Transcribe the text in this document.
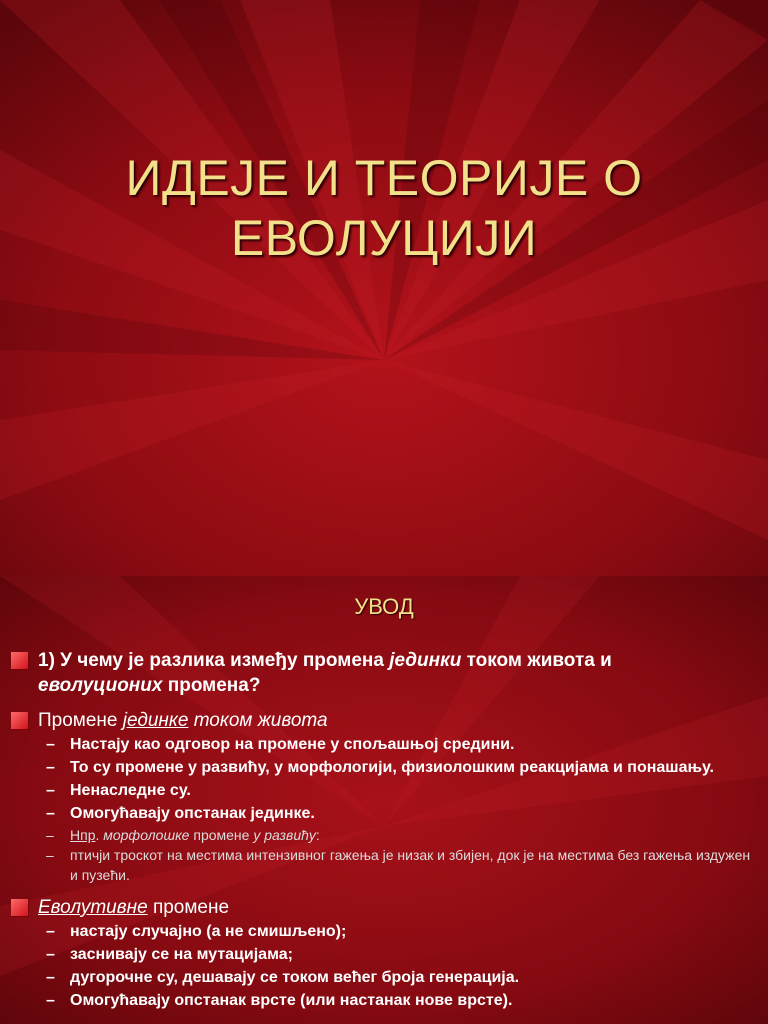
ИДЕЈЕ И ТЕОРИЈЕ О
ЕВОЛУЦИЈИ
УВОД
1) У чему је разлика између промена јединки током живота и
еволуционих промена?
Промене јединке током живота
– Настају као одговор на промене у спољашњој средини.
– То су промене у развићу, у морфологији, физиолошким реакцијама и понашању.
– Ненаследне су.
– Омогућавају опстанак јединке.
– Нпр. морфолошке промене у развићу:
– птичји троскот на местима интензивног гажења је низак и збијен, док је на местима без гажења издужен и пузећи.
Еволутивне промене
– настају случајно (а не смишљено);
– заснивају се на мутацијама;
– дугорочне су, дешавају се током већег броја генерација.
– Омогућавају опстанак врсте (или настанак нове врсте).
